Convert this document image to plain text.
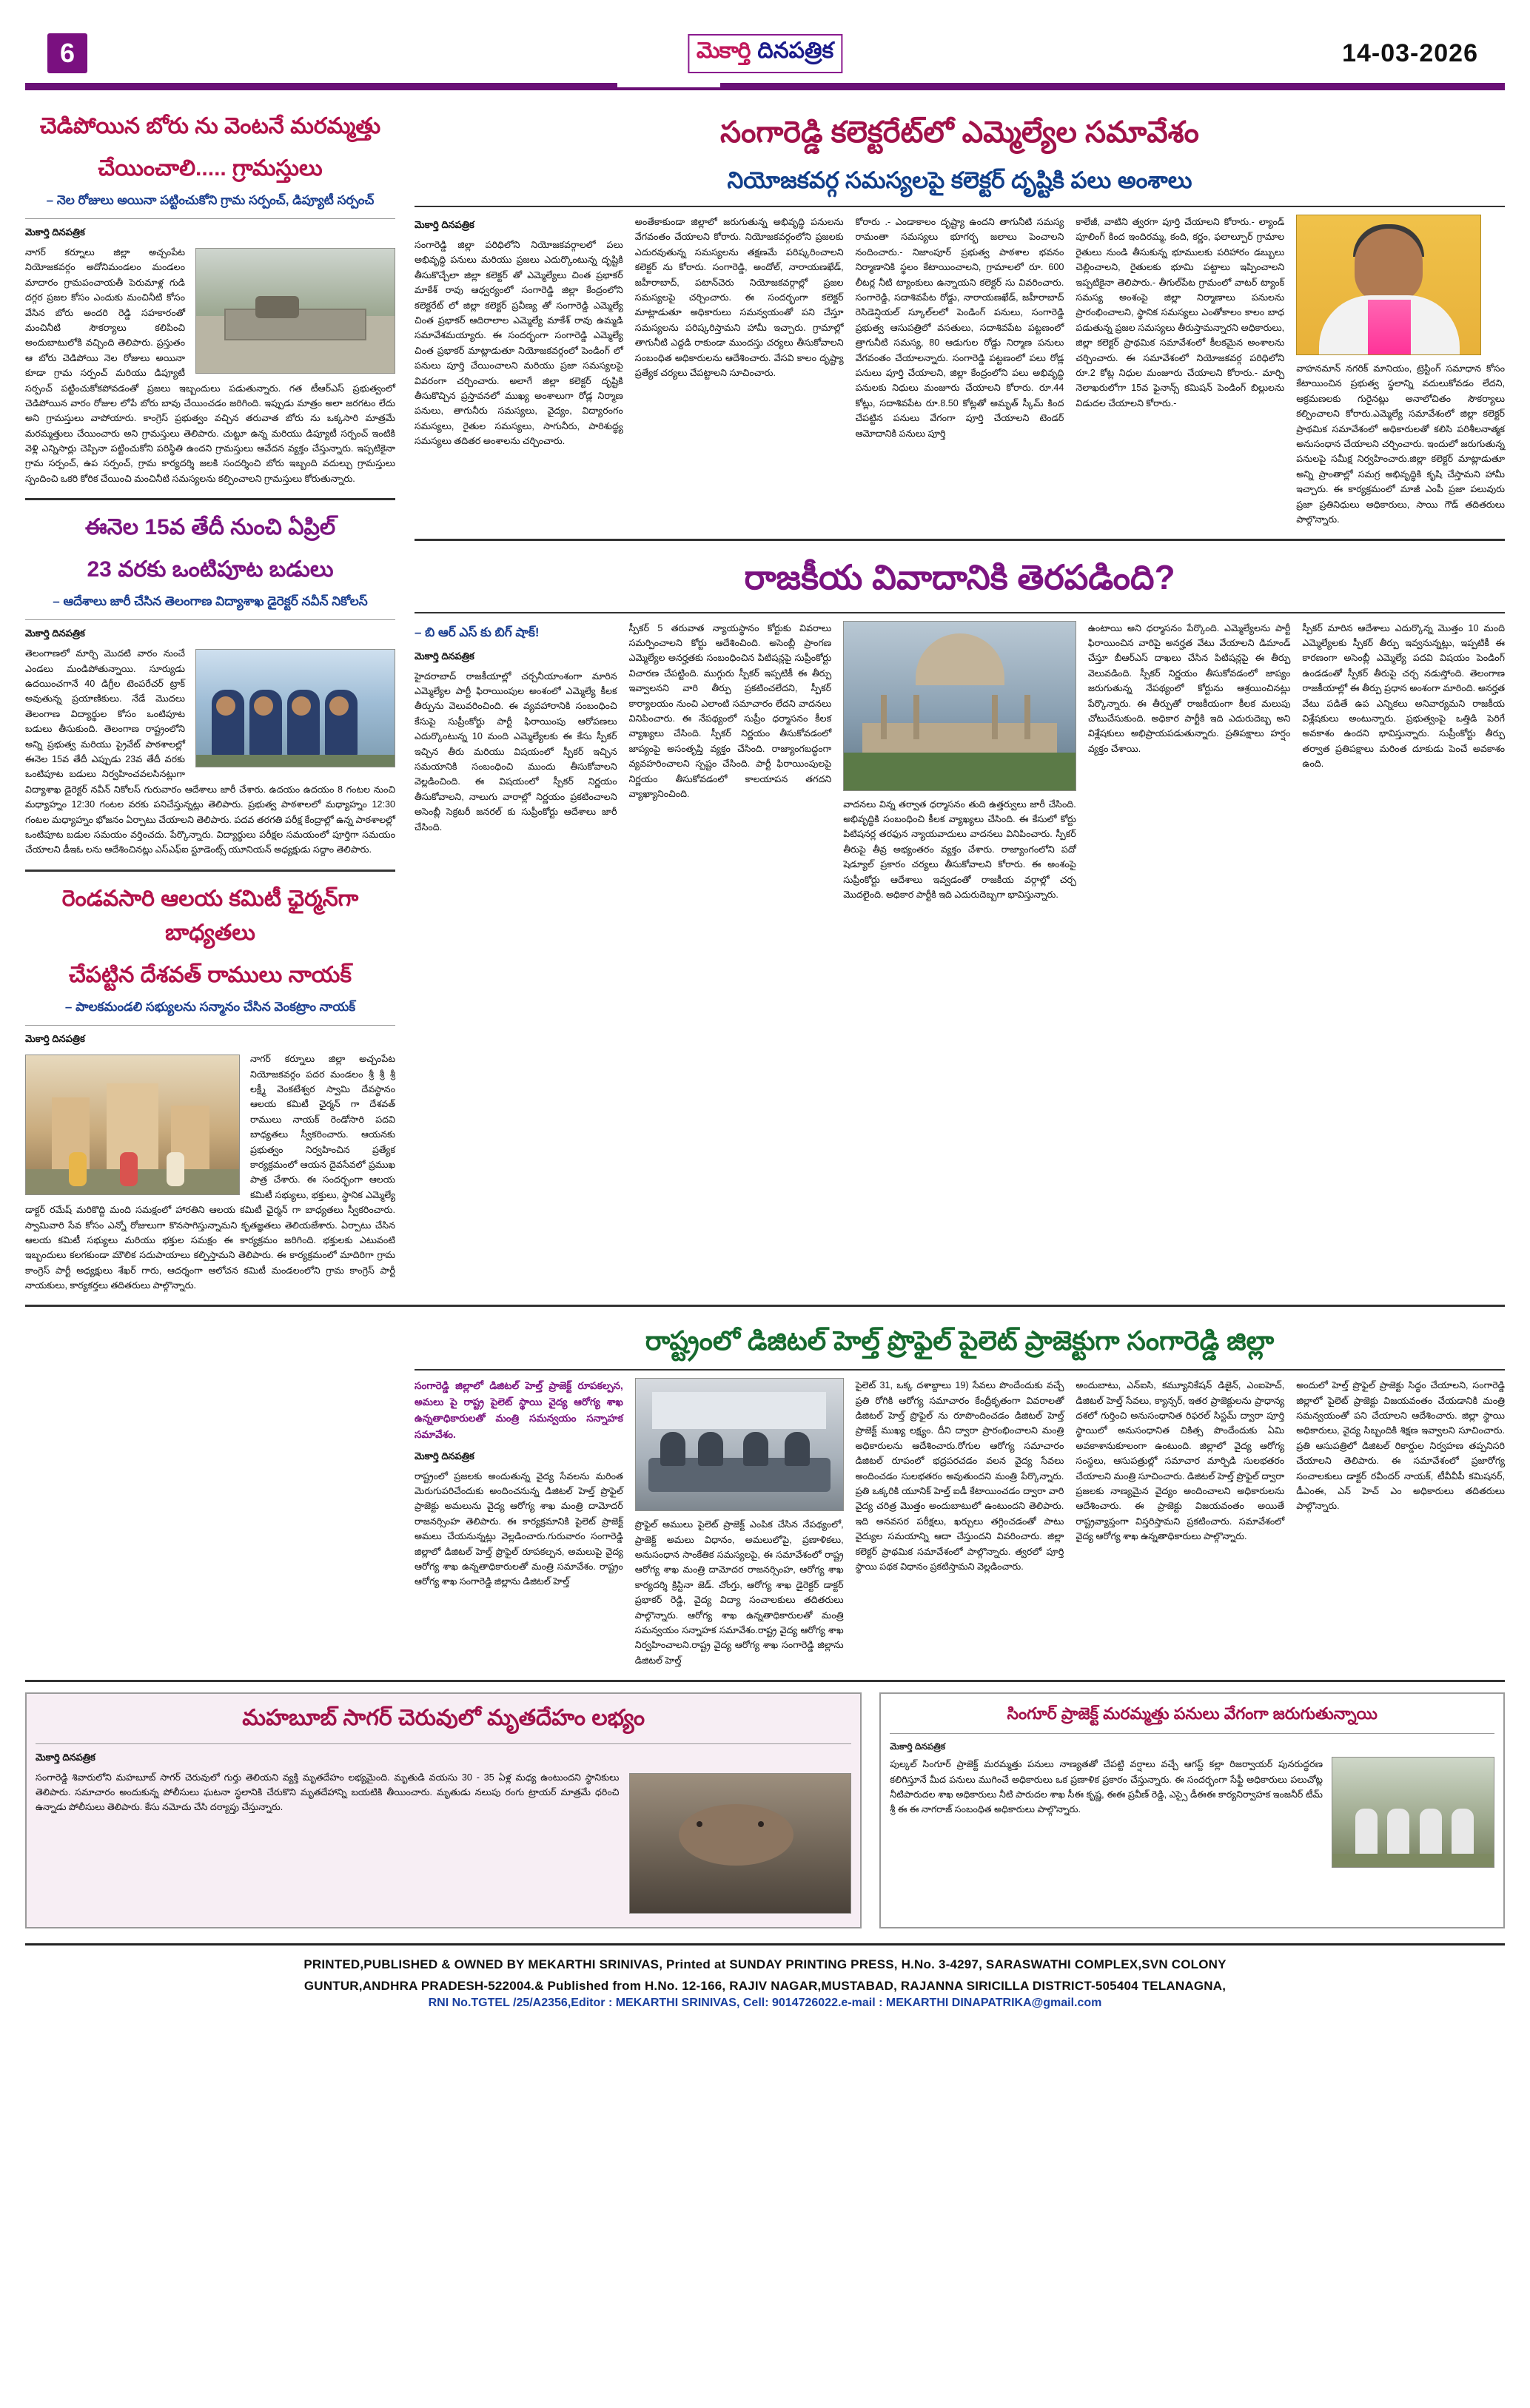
6	మెకార్తి దినపత్రిక	14-03-2026
చెడిపోయిన బోరు ను వెంటనే మరమ్మత్తు
చేయించాలి..... గ్రామస్తులు
– నెల రోజులు అయినా పట్టించుకోని గ్రామ సర్పంచ్, డిప్యూటీ సర్పంచ్
మెకార్తి దినపత్రిక
నాగర్ కర్నూలు జిల్లా అచ్చంపేట నియోజకవర్గం అదోనిమండలం మండలం మాదారం గ్రామపంచాయతీ పెరుమాళ్ల గుడి దగ్గర ప్రజల కోసం ఎందుకు మంచినీటి కోసం వేసిన బోరు అందరి రెడ్డి సహకారంతో మంచినీటి సౌకర్యాలు కలిపించి అందుబాటులోకి వచ్చింది తెలిపారు. ప్రస్తుతం ఆ బోరు చెడిపోయి నెల రోజులు అయినా కూడా గ్రామ సర్పంచ్ మరియు డిప్యూటీ సర్పంచ్ పట్టించుకోకపోవడంతో ప్రజలు ఇబ్బందులు పడుతున్నారు. గత టీఆర్ఎస్ ప్రభుత్వంలో చెడిపోయిన వారం రోజుల లోపే బోరు బావు చేయించడం జరిగింది. ఇప్పుడు మాత్రం అలా జరగటం లేదు అని గ్రామస్తులు వాపోయారు. కాంగ్రెస్ ప్రభుత్వం వచ్చిన తరువాత బోరు ను ఒక్కసారి మాత్రమే మరమ్మత్తులు చేయించారు అని గ్రామస్తులు తెలిపారు. చుట్టూ ఉన్న మరియు డిప్యూటీ సర్పంచ్ ఇంటికి వెళ్లి ఎన్నిసార్లు చెప్పినా పట్టించుకోని పరిస్థితి ఉందని గ్రామస్తులు ఆవేదన వ్యక్తం చేస్తున్నారు. ఇప్పటికైనా గ్రామ సర్పంచ్, ఉప సర్పంచ్, గ్రామ కార్యదర్శి జలకి సందర్శించి బోరు ఇబ్బంది వదుల్చు గ్రామస్తులు స్పందించి ఒకరి కోరిక చేయించి మంచినీటి సమస్యలను కల్పించాలని గ్రామస్తులు కోరుతున్నారు.
ఈనెల 15వ తేదీ నుంచి ఏప్రిల్
23 వరకు ఒంటిపూట బడులు
– ఆదేశాలు జారీ చేసిన తెలంగాణ విద్యాశాఖ డైరెక్టర్ నవీన్ నికోలస్
మెకార్తి దినపత్రిక
తెలంగాణలో మార్చి మొదటి వారం నుంచే ఎండలు మండిపోతున్నాయి. సూర్యుడు ఉదయించగానే 40 డిగ్రీల టెంపరేచర్ ట్రాక్ అవుతున్న ప్రయాణికులు. నేడే మొదలు తెలంగాణ విద్యార్థుల కోసం ఒంటిపూట బడులు తీసుకుంది. తెలంగాణ రాష్ట్రంలోని అన్ని ప్రభుత్వ మరియు ప్రైవేట్ పాఠశాలల్లో ఈనెల 15వ తేదీ ఎప్పుడు 23వ తేదీ వరకు ఒంటిపూట బడులు నిర్వహించవలసినట్లుగా విద్యాశాఖ డైరెక్టర్ నవీన్ నికోలస్ గురువారం ఆదేశాలు జారీ చేశారు. ఉదయం ఉదయం 8 గంటల నుంచి మధ్యాహ్నం 12:30 గంటల వరకు పనిచేస్తున్నట్లు తెలిపారు. ప్రభుత్వ పాఠశాలలో మధ్యాహ్నం 12:30 గంటల మధ్యాహ్నం భోజనం ఏర్పాటు చేయాలని తెలిపారు. పదవ తరగతి పరీక్ష కేంద్రాల్లో ఉన్న పాఠశాలల్లో ఒంటిపూట బడుల సమయం వర్తించదు. పేర్కొన్నారు. విద్యార్థులు పరీక్షల సమయంలో పూర్తిగా సమయం చేయాలని డీఇఓ లను ఆదేశించినట్లు ఎస్ఎఫ్ఐ స్టూడెంట్స్ యూనియన్ అధ్యక్షుడు సద్దాం తెలిపారు.
రెండవసారి ఆలయ కమిటీ ఛైర్మన్‌గా బాధ్యతలు
చేపట్టిన దేశవత్ రాములు నాయక్
– పాలకమండలి సభ్యులను సన్మానం చేసిన వెంకట్రాం నాయక్
మెకార్తి దినపత్రిక
నాగర్ కర్నూలు జిల్లా అచ్చంపేట నియోజకవర్గం పదర మండలం శ్రీ శ్రీ శ్రీ లక్ష్మీ వెంకటేశ్వర స్వామి దేవస్థానం ఆలయ కమిటీ ఛైర్మన్ గా దేశవత్ రాములు నాయక్ రెండోసారి పదవి బాధ్యతలు స్వీకరించారు. ఆయనకు ప్రభుత్వం నిర్వహించిన ప్రత్యేక కార్యక్రమంలో ఆయన దైవసేవలో ప్రముఖ పాత్ర చేశారు. ఈ సందర్భంగా ఆలయ కమిటీ సభ్యులు, భక్తులు, స్థానిక ఎమ్మెల్యే డాక్టర్ రమేష్ మరికొద్ది మంది సమక్షంలో హారతిని ఆలయ కమిటీ ఛైర్మన్ గా బాధ్యతలు స్వీకరించారు. స్వామివారి సేవ కోసం ఎన్నో రోజులుగా కొనసాగిస్తున్నామని కృతజ్ఞతలు తెలియజేశారు. ఏర్పాటు చేసిన ఆలయ కమిటీ సభ్యులు మరియు భక్తుల సమక్షం ఈ కార్యక్రమం జరిగింది. భక్తులకు ఎటువంటి ఇబ్బందులు కలగకుండా మౌలిక సదుపాయాలు కల్పిస్తామని తెలిపారు. ఈ కార్యక్రమంలో మాదిరిగా గ్రామ కాంగ్రెస్ పార్టీ అధ్యక్షులు శేఖర్ గారు, ఆదర్శంగా ఆలోచన కమిటీ మండలంలోని గ్రామ కాంగ్రెస్ పార్టీ నాయకులు, కార్యకర్తలు తదితరులు పాల్గొన్నారు.
సంగారెడ్డి కలెక్టరేట్‌లో ఎమ్మెల్యేల సమావేశం
నియోజకవర్గ సమస్యలపై కలెక్టర్ దృష్టికి పలు అంశాలు
మెకార్తి దినపత్రిక
సంగారెడ్డి జిల్లా పరిధిలోని నియోజకవర్గాలలో పలు అభివృద్ధి పనులు మరియు ప్రజలు ఎదుర్కొంటున్న దృష్టికి తీసుకొచ్చేలా జిల్లా కలెక్టర్ తో ఎమ్మెల్యేలు చింత ప్రభాకర్ మాకేశ్ రావు ఆధ్వర్యంలో సంగారెడ్డి జిల్లా కేంద్రంలోని కలెక్టరేట్ లో జిల్లా కలెక్టర్ ప్రవీణ్య తో సంగారెడ్డి ఎమ్మెల్యే చింత ప్రభాకర్ ఆదిరాలాల ఎమ్మెల్యే మాకేశ్ రావు ఉమ్మడి సమావేశమయ్యారు. ఈ సందర్భంగా సంగారెడ్డి ఎమ్మెల్యే చింత ప్రభాకర్ మాట్లాడుతూ నియోజకవర్గంలో పెండింగ్ లో పనులు పూర్తి చేయించాలని మరియు ప్రజా సమస్యలపై వివరంగా చర్చించారు. అలాగే జిల్లా కలెక్టర్ దృష్టికి తీసుకొచ్చిన ప్రస్తావనలో ముఖ్య అంశాలుగా రోడ్ల నిర్మాణ పనులు, తాగునీరు సమస్యలు, వైద్యం, విద్యారంగం సమస్యలు, రైతుల సమస్యలు, సాగునీరు, పారిశుద్ధ్య సమస్యలు తదితర అంశాలను చర్చించారు.
అంతేకాకుండా జిల్లాలో జరుగుతున్న అభివృద్ధి పనులను వేగవంతం చేయాలని కోరారు. నియోజకవర్గంలోని ప్రజలకు ఎదురవుతున్న సమస్యలను తక్షణమే పరిష్కరించాలని కలెక్టర్ ను కోరారు. సంగారెడ్డి, అందోల్, నారాయణఖేడ్, జహీరాబాద్, పటాన్‌చెరు నియోజకవర్గాల్లో ప్రజల సమస్యలపై చర్చించారు. ఈ సందర్భంగా కలెక్టర్ మాట్లాడుతూ అధికారులు సమన్వయంతో పని చేస్తూ సమస్యలను పరిష్కరిస్తామని హామీ ఇచ్చారు. గ్రామాల్లో తాగునీటి ఎద్దడి రాకుండా ముందస్తు చర్యలు తీసుకోవాలని సంబంధిత అధికారులను ఆదేశించారు. వేసవి కాలం దృష్ట్యా ప్రత్యేక చర్యలు చేపట్టాలని సూచించారు.
కోరారు .- ఎండాకాలం దృష్ట్యా ఉందని తాగునీటి సమస్య రామంతా సమస్యలు భూగర్భ జలాలు పెంచాలని నందించారు.- నిజాంపూర్ ప్రభుత్వ పాఠశాల భవనం నిర్మాణానికి స్థలం కేటాయించాలని, గ్రామాలలో రూ. 600 లీటర్ల నీటి ట్యాంకులు ఉన్నాయని కలెక్టర్ సు వివరించారు. సంగారెడ్డి, సదాశివపేట రోడ్డు, నారాయణఖేడ్, జహీరాబాద్ రెసిడెన్షియల్ స్కూల్‌లలో పెండింగ్ పనులు, సంగారెడ్డి ప్రభుత్వ ఆసుపత్రిలో వసతులు, సదాశివపేట పట్టణంలో త్రాగునీటి సమస్య, 80 ఆడుగుల రోడ్డు నిర్మాణ పనులు వేగవంతం చేయాలన్నారు. సంగారెడ్డి పట్టణంలో పలు రోడ్ల పనులు పూర్తి చేయాలని, జిల్లా కేంద్రంలోని పలు అభివృద్ధి పనులకు నిధులు మంజూరు చేయాలని కోరారు. రూ.44 కోట్లు, సదాశివపేట రూ.8.50 కోట్లతో అమృత్ స్కీమ్ కింద చేపట్టిన పనులు వేగంగా పూర్తి చేయాలని టెండర్ ఆమోదానికి పనులు పూర్తి
కాలేజీ, వాటిని త్వరగా పూర్తి చేయాలని కోరారు.- ల్యాండ్ పూలింగ్ కింద ఇందిరమ్మ, కంది, కర్ణం, ఫలాల్పూర్ గ్రామాల రైతులు నుండి తీసుకున్న భూములకు పరిహారం డబ్బులు చెల్లించాలని, రైతులకు భూమి పట్టాలు ఇప్పించాలని ఇప్పటికైనా తెలిపారు.- తీగుల్‌పేట గ్రామంలో వాటర్ ట్యాంక్ సమస్య అంశంపై జిల్లా నిర్మాణాలు పనులను ప్రారంభించాలని, స్థానిక సమస్యలు ఎంతోకాలం కాలం బాధ పడుతున్న ప్రజల సమస్యలు తీరుస్తామన్నారని అధికారులు, జిల్లా కలెక్టర్ ప్రాథమిక సమావేశంలో కీలకమైన అంశాలను చర్చించారు. ఈ సమావేశంలో నియోజకవర్గ పరిధిలోని రూ.2 కోట్ల నిధుల మంజూరు చేయాలని కోరారు.- మార్చి నెలాఖరులోగా 15వ ఫైనాన్స్ కమిషన్ పెండింగ్ బిల్లులను విడుదల చేయాలని కోరారు.-
వాహనమాన్ నగరిక్ మానియం, ట్రెస్టింగ్ సమాధాన కోసం కేటాయించిన ప్రభుత్వ స్థలాన్ని వదులుకోవడం లేదని, ఆక్రమణలకు గురైనట్లు అనాలోచితం సౌకర్యాలు కల్పించాలని కోరారు.ఎమ్మెల్యే సమావేశంలో జిల్లా కలెక్టర్ ప్రాథమిక సమావేశంలో అధికారులతో కలిసి పరిశీలనాత్మక అనుసంధాన చేయాలని చర్చించారు. ఇందులో జరుగుతున్న పనులపై సమీక్ష నిర్వహించారు.జిల్లా కలెక్టర్ మాట్లాడుతూ అన్ని ప్రాంతాల్లో సమగ్ర అభివృద్ధికి కృషి చేస్తామని హామీ ఇచ్చారు. ఈ కార్యక్రమంలో మాజీ ఎంపీ ప్రజా పలువురు ప్రజా ప్రతినిధులు అధికారులు, సాయి గౌడ్ తదితరులు పాల్గొన్నారు.
రాజకీయ వివాదానికి తెరపడింది?
– బి ఆర్ ఎస్ కు బిగ్ షాక్!
మెకార్తి దినపత్రిక
హైదరాబాద్ రాజకీయాల్లో చర్చనీయాంశంగా మారిన ఎమ్మెల్యేల పార్టీ ఫిరాయింపుల అంశంలో ఎమ్మెల్యే కీలక తీర్పును వెలువరించింది. ఈ వ్యవహారానికి సంబంధించి కేసుపై సుప్రీంకోర్టు పార్టీ ఫిరాయింపు ఆరోపణలు ఎదుర్కొంటున్న 10 మంది ఎమ్మెల్యేలకు ఈ కేసు స్పీకర్ ఇచ్చిన తీరు మరియు విషయంలో స్పీకర్ ఇచ్చిన సమయానికి సంబంధించి ముందు తీసుకోవాలని వెల్లడించింది. ఈ విషయంలో స్పీకర్ నిర్ణయం తీసుకోవాలని, నాలుగు వారాల్లో నిర్ణయం ప్రకటించాలని అసెంబ్లీ సెక్రటరీ జనరల్ కు సుప్రీంకోర్టు ఆదేశాలు జారీ చేసింది.
స్పీకర్ 5 తరువాత న్యాయస్థానం కోర్టుకు వివరాలు సమర్పించాలని కోర్టు ఆదేశించింది. అసెంబ్లీ ప్రాంగణ ఎమ్మెల్యేల అనర్హతకు సంబంధించిన పిటిషన్లపై సుప్రీంకోర్టు విచారణ చేపట్టింది. ముగ్గురు స్పీకర్ ఇప్పటికీ ఈ తీర్పు ఇవ్వాలనని వారి తీర్పు ప్రకటించలేదని, స్పీకర్ కార్యాలయం నుంచి ఎలాంటి సమాచారం లేదని వాదనలు వినిపించారు. ఈ నేపథ్యంలో సుప్రీం ధర్మాసనం కీలక వ్యాఖ్యలు చేసింది. స్పీకర్ నిర్ణయం తీసుకోవడంలో జాప్యంపై అసంతృప్తి వ్యక్తం చేసింది. రాజ్యాంగబద్ధంగా వ్యవహరించాలని స్పష్టం చేసింది. పార్టీ ఫిరాయింపులపై నిర్ణయం తీసుకోవడంలో కాలయాపన తగదని వ్యాఖ్యానించింది.
వాదనలు విన్న తర్వాత ధర్మాసనం తుది ఉత్తర్వులు జారీ చేసింది. అభివృద్ధికి సంబంధించి కీలక వ్యాఖ్యలు చేసింది. ఈ కేసులో కోర్టు పిటిషనర్ల తరఫున న్యాయవాదులు వాదనలు వినిపించారు. స్పీకర్ తీరుపై తీవ్ర అభ్యంతరం వ్యక్తం చేశారు. రాజ్యాంగంలోని పదో షెడ్యూల్ ప్రకారం చర్యలు తీసుకోవాలని కోరారు. ఈ అంశంపై సుప్రీంకోర్టు ఆదేశాలు ఇవ్వడంతో రాజకీయ వర్గాల్లో చర్చ మొదలైంది. అధికార పార్టీకి ఇది ఎదురుదెబ్బగా భావిస్తున్నారు.
ఉంటాయి అని ధర్మాసనం పేర్కొంది. ఎమ్మెల్యేలను పార్టీ ఫిరాయించిన వారిపై అనర్హత వేటు వేయాలని డిమాండ్ చేస్తూ బీఆర్ఎస్ దాఖలు చేసిన పిటిషన్లపై ఈ తీర్పు వెలువడింది. స్పీకర్ నిర్ణయం తీసుకోవడంలో జాప్యం జరుగుతున్న నేపథ్యంలో కోర్టును ఆశ్రయించినట్లు పేర్కొన్నారు. ఈ తీర్పుతో రాజకీయంగా కీలక మలుపు చోటుచేసుకుంది. అధికార పార్టీకి ఇది ఎదురుదెబ్బ అని విశ్లేషకులు అభిప్రాయపడుతున్నారు. ప్రతిపక్షాలు హర్షం వ్యక్తం చేశాయి.
స్పీకర్ మారిన ఆదేశాలు ఎదుర్కొన్న మొత్తం 10 మంది ఎమ్మెల్యేలకు స్పీకర్ తీర్పు ఇవ్వనున్నట్లు, ఇప్పటికీ ఈ కారణంగా అసెంబ్లీ ఎమ్మెల్యే పదవి విషయం పెండింగ్ ఉండడంతో స్పీకర్ తీరుపై చర్చ నడుస్తోంది. తెలంగాణ రాజకీయాల్లో ఈ తీర్పు ప్రధాన అంశంగా మారింది. అనర్హత వేటు పడితే ఉప ఎన్నికలు అనివార్యమని రాజకీయ విశ్లేషకులు అంటున్నారు. ప్రభుత్వంపై ఒత్తిడి పెరిగే అవకాశం ఉందని భావిస్తున్నారు. సుప్రీంకోర్టు తీర్పు తర్వాత ప్రతిపక్షాలు మరింత దూకుడు పెంచే అవకాశం ఉంది.
రాష్ట్రంలో డిజిటల్ హెల్త్ ప్రొఫైల్ పైలెట్ ప్రాజెక్టుగా సంగారెడ్డి జిల్లా
సంగారెడ్డి జిల్లాలో డిజిటల్ హెల్త్ ప్రాజెక్ట్ రూపకల్పన, అమలు పై రాష్ట్ర పైలెట్ స్థాయి వైద్య ఆరోగ్య శాఖ ఉన్నతాధికారులతో మంత్రి సమన్వయం సన్నాహక సమావేశం.
మెకార్తి దినపత్రిక
రాష్ట్రంలో ప్రజలకు అందుతున్న వైద్య సేవలను మరింత మెరుగుపరిచేందుకు అందించనున్న డిజిటల్ హెల్త్ ప్రొఫైల్ ప్రాజెక్టు అమలును వైద్య ఆరోగ్య శాఖ మంత్రి దామోదర్ రాజనర్సింహ తెలిపారు. ఈ కార్యక్రమానికి పైలెట్ ప్రాజెక్ట్ అమలు చేయనున్నట్లు వెల్లడించారు.గురువారం సంగారెడ్డి జిల్లాలో డిజిటల్ హెల్త్ ప్రొఫైల్ రూపకల్పన, అమలుపై వైద్య ఆరోగ్య శాఖ ఉన్నతాధికారులతో మంత్రి సమావేశం. రాష్ట్రం ఆరోగ్య శాఖ సంగారెడ్డి జిల్లాను డిజిటల్ హెల్త్
ప్రొఫైల్ అములు పైలెట్ ప్రాజెక్ట్ ఎంపిక చేసిన నేపథ్యంలో, ప్రాజెక్ట్ అమలు విధానం, అమలులోపై, ప్రణాళికలు, అనుసంధాన సాంకేతిక సమస్యలపై, ఈ సమావేశంలో రాష్ట్ర ఆరోగ్య శాఖ మంత్రి దామోదర రాజనర్సింహ, ఆరోగ్య శాఖ కార్యదర్శి క్రిస్టినా జెడ్. చోంగ్తు, ఆరోగ్య శాఖ డైరెక్టర్ డాక్టర్ ప్రభాకర్ రెడ్డి, వైద్య విద్యా సంచాలకులు తదితరులు పాల్గొన్నారు. ఆరోగ్య శాఖ ఉన్నతాధికారులతో మంత్రి సమన్వయం సన్నాహక సమావేశం.రాష్ట్ర వైద్య ఆరోగ్య శాఖ నిర్వహించాలని.రాష్ట్ర వైద్య ఆరోగ్య శాఖ సంగారెడ్డి జిల్లాను డిజిటల్ హెల్త్
పైలెట్ 31, ఒక్క దశాబ్దాలు 19) సేవలు పొందేందుకు వచ్చే ప్రతి రోగికి ఆరోగ్య సమాచారం కేంద్రీకృతంగా వివరాలతో డిజిటల్ హెల్త్ ప్రొఫైల్ ను రూపొందించడం డిజిటల్ హెల్త్ ప్రాజెక్ట్ ముఖ్య లక్ష్యం. దీని ద్వారా ప్రారంభించాలని మంత్రి అధికారులను ఆదేశించారు.రోగుల ఆరోగ్య సమాచారం డిజిటల్ రూపంలో భద్రపరచడం వలన వైద్య సేవలు అందించడం సులభతరం అవుతుందని మంత్రి పేర్కొన్నారు. ప్రతి ఒక్కరికి యూనిక్ హెల్త్ ఐడీ కేటాయించడం ద్వారా వారి వైద్య చరిత్ర మొత్తం అందుబాటులో ఉంటుందని తెలిపారు. ఇది అనవసర పరీక్షలు, ఖర్చులు తగ్గించడంతో పాటు వైద్యుల సమయాన్ని ఆదా చేస్తుందని వివరించారు. జిల్లా కలెక్టర్ ప్రాథమిక సమావేశంలో పాల్గొన్నారు. త్వరలో పూర్తి స్థాయి పథక విధానం ప్రకటిస్తామని వెల్లడించారు.
అందుబాటు, ఎన్ఐసి, కమ్యూనికేషన్ డిజైన్, ఎంఐహెచ్, డిజిటల్ హెల్త్ సేవలు, క్యాన్సర్, ఇతర ప్రాజెక్టులను ప్రాధాన్య దశలో గుర్తించి అనుసంధానిత రిఫరల్ సిస్టమ్ ద్వారా పూర్తి స్థాయిలో అనుసంధానిత చికిత్స పొందేందుకు ఏమి అవకాశానుకూలంగా ఉంటుంది. జిల్లాలో వైద్య ఆరోగ్య సంస్థలు, ఆసుపత్రుల్లో సమాచార మార్పిడి సులభతరం చేయాలని మంత్రి సూచించారు. డిజిటల్ హెల్త్ ప్రొఫైల్ ద్వారా ప్రజలకు నాణ్యమైన వైద్యం అందించాలని అధికారులను ఆదేశించారు. ఈ ప్రాజెక్టు విజయవంతం అయితే రాష్ట్రవ్యాప్తంగా విస్తరిస్తామని ప్రకటించారు. సమావేశంలో వైద్య ఆరోగ్య శాఖ ఉన్నతాధికారులు పాల్గొన్నారు.
అందులో హెల్త్ ప్రొఫైల్ ప్రాజెక్టు సిద్ధం చేయాలని, సంగారెడ్డి జిల్లాలో పైలెట్ ప్రాజెక్టు విజయవంతం చేయడానికి మంత్రి సమన్వయంతో పని చేయాలని ఆదేశించారు. జిల్లా స్థాయి అధికారులు, వైద్య సిబ్బందికి శిక్షణ ఇవ్వాలని సూచించారు. ప్రతి ఆసుపత్రిలో డిజిటల్ రికార్డుల నిర్వహణ తప్పనిసరి చేయాలని తెలిపారు. ఈ సమావేశంలో ప్రజారోగ్య సంచాలకులు డాక్టర్ రవీందర్ నాయక్, టీవీవీపీ కమిషనర్, డీఎంఈ, ఎన్ హెచ్ ఎం అధికారులు తదితరులు పాల్గొన్నారు.
మహబూబ్ సాగర్ చెరువులో మృతదేహం లభ్యం
మెకార్తి దినపత్రిక
సంగారెడ్డి శివారులోని మహబూబ్ సాగర్ చెరువులో గుర్తు తెలియని వ్యక్తి మృతదేహం లభ్యమైంది. మృతుడి వయసు 30 - 35 ఏళ్ల మధ్య ఉంటుందని స్థానికులు తెలిపారు. సమాచారం అందుకున్న పోలీసులు ఘటనా స్థలానికి చేరుకొని మృతదేహాన్ని బయటికి తీయించారు. మృతుడు నలుపు రంగు ట్రాయర్ మాత్రమే ధరించి ఉన్నాడు పోలీసులు తెలిపారు. కేసు నమోదు చేసి దర్యాప్తు చేస్తున్నారు.
సింగూర్ ప్రాజెక్ట్ మరమ్మత్తు పనులు వేగంగా జరుగుతున్నాయి
మెకార్తి దినపత్రిక
పుల్కల్ సింగూర్ ప్రాజెక్ట్ మరమ్మత్తు పనులు నాణ్యతతో చేపట్టి వర్షాలు వచ్చే ఆగస్ట్ కల్లా రిజర్వాయర్ పునరుద్ధరణ కలిగిస్తూనే మీద పనులు ముగించే అధికారులు ఒక ప్రణాళిక ప్రకారం చేస్తున్నారు. ఈ సందర్భంగా సేఫ్టీ అధికారులు పలుచోట్ల నీటిపారుదల శాఖ అధికారులు నీటి పారుదల శాఖ సీఈ కృష్ణ, ఈఈ ప్రవీణ్ రెడ్డి, ఎస్సై డీఈఈ కార్యనిర్వాహక ఇంజనీర్ టీమ్ శ్రీ ఈ ఈ నాగరాజ్ సంబంధిత అధికారులు పాల్గొన్నారు.
PRINTED,PUBLISHED & OWNED BY MEKARTHI SRINIVAS, Printed at SUNDAY PRINTING PRESS, H.No. 3-4297, SARASWATHI COMPLEX,SVN COLONY
GUNTUR,ANDHRA PRADESH-522004.& Published from H.No. 12-166, RAJIV NAGAR,MUSTABAD, RAJANNA SIRICILLA DISTRICT-505404 TELANAGNA,
RNI No.TGTEL /25/A2356,Editor : MEKARTHI SRINIVAS, Cell: 9014726022.e-mail : MEKARTHI DINAPATRIKA@gmail.com
